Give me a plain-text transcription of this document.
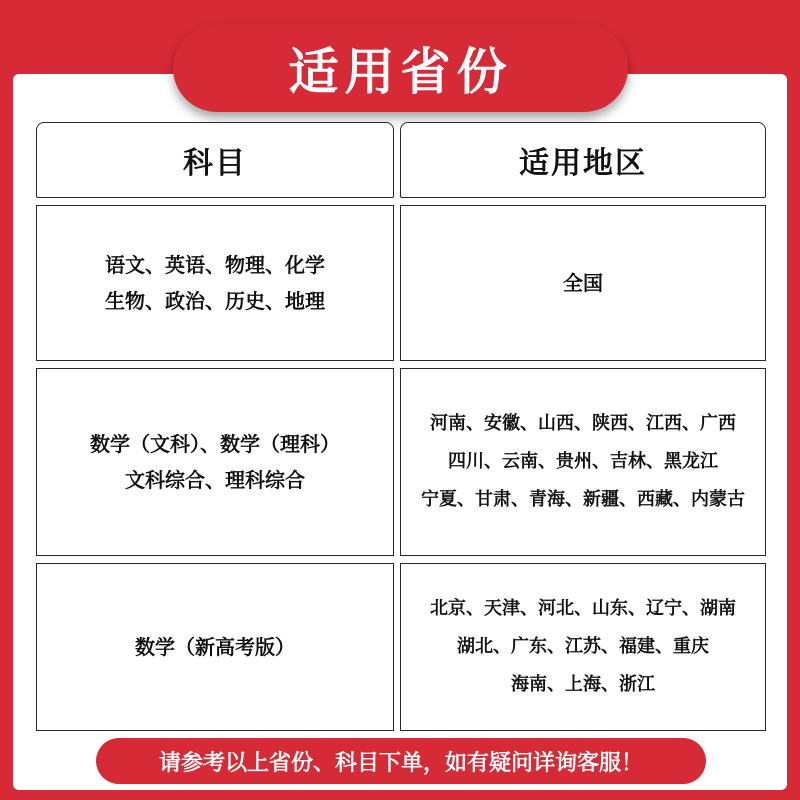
适用省份
科目	适用地区
语文、英语、物理、化学
生物、政治、历史、地理
全国
数学（文科）、数学（理科）
文科综合、理科综合
河南、安徽、山西、陕西、江西、广西
四川、云南、贵州、吉林、黑龙江
宁夏、甘肃、青海、新疆、西藏、内蒙古
数学（新高考版）
北京、天津、河北、山东、辽宁、湖南
湖北、广东、江苏、福建、重庆
海南、上海、浙江
请参考以上省份、科目下单，如有疑问详询客服！
